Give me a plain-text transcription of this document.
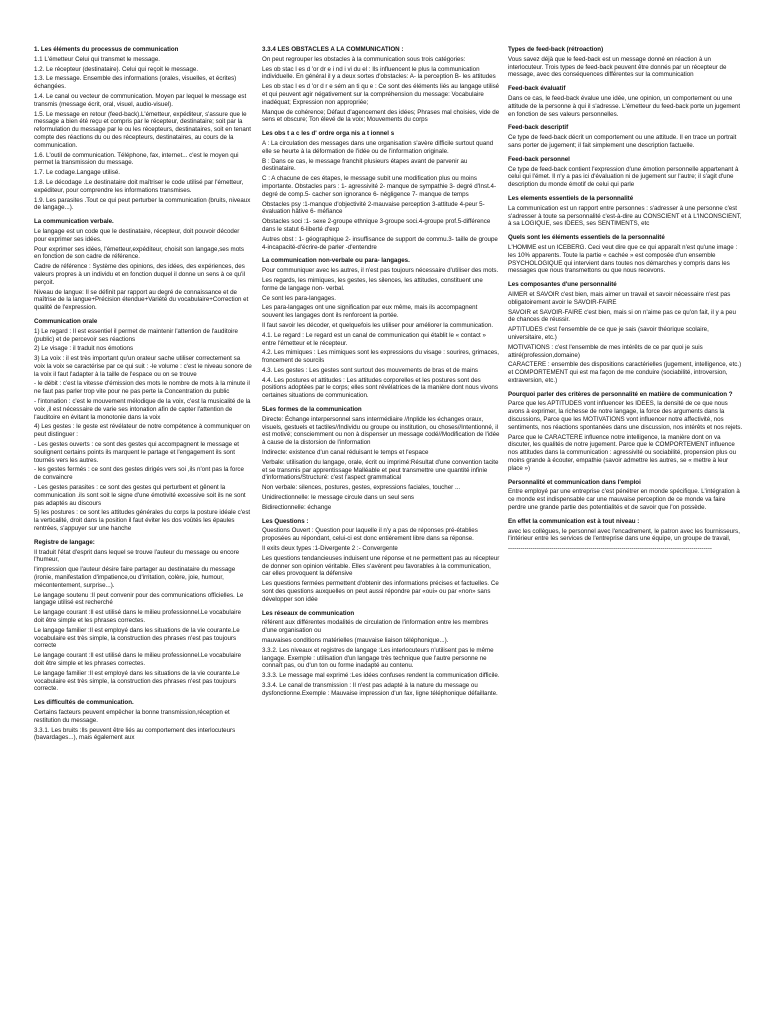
1. Les éléments du processus de communication

1.1 L'émetteur Celui qui transmet le message.

1.2. Le récepteur (destinataire). Celui qui reçoit le message.

1.3. Le message. Ensemble des informations (orales, visuelles, et écrites) échangées.

1.4. Le canal ou vecteur de communication. Moyen par lequel le message est transmis (message écrit, oral, visuel, audio-visuel).

1.5. Le message en retour (feed-back).L'émetteur, expéditeur, s'assure que le message a bien été reçu et compris par le récepteur, destinataire; soit par la reformulation du message par le ou les récepteurs, destinataires, soit en tenant compte des réactions du ou des récepteurs, destinataires, au cours de la communication.

1.6. L'outil de communication. Téléphone, fax, internet... c'est le moyen qui permet la transmission du message.

1.7. Le codage.Langage utilisé.

1.8. Le décodage .Le destinataire doit maîtriser le code utilisé par l'émetteur, expéditeur, pour comprendre les informations transmises.

1.9. Les parasites .Tout ce qui peut perturber la communication (bruits, niveaux de langage...).

La communication verbale.

Le langage est un code que le destinataire, récepteur, doit pouvoir décoder pour exprimer ses idées.

Pour exprimer ses idées, l'émetteur,expéditeur, choisit son langage,ses mots en fonction de son cadre de référence.

Cadre de référence : Système des opinions, des idées, des expériences, des valeurs propres à un individu et en fonction duquel il donne un sens à ce qu'il perçoit.

Niveau de langue: Il se définit par rapport au degré de connaissance et de maîtrise de la langue+Précision étendue+Variété du vocabulaire+Correction et qualité de l'expression.

Communication orale

1) Le regard : Il est essentiel il permet de maintenir l'attention de l'auditoire (public) et de percevoir ses réactions

2) Le visage : il traduit nos émotions

3) La voix : il est très important qu'un orateur sache utiliser correctement sa voix la voix se caractérise par ce qui suit : -le volume : c'est le niveau sonore de la voix il faut l'adapter à la taille de l'espace ou on se trouve

- le débit : c'est la vitesse d'émission des mots le nombre de mots à la minute il ne faut pas parler trop vite pour ne pas perte la Concentration du public

- l'intonation : c'est le mouvement mélodique de la voix, c'est la musicalité de la voix ,il est nécessaire de varie ses intonation afin de capter l'attention de l'auditoire en évitant la monotonie dans la voix

4) Les gestes : le geste est révélateur de notre compétence à communiquer on peut distinguer :

- Les gestes ouverts : ce sont des gestes qui accompagnent le message et soulignent certains points ils marquent le partage et l'engagement ils sont tournés vers les autres.

- les gestes fermés : ce sont des gestes dirigés vers soi ,ils n'ont pas la force de convaincre

- Les gestes parasites : ce sont des gestes qui perturbent et gênent la communication .ils sont soit le signe d'une émotivité excessive soit ils ne sont pas adaptés au discours

5) les postures : ce sont les attitudes générales du corps la posture idéale c'est la verticalité, droit dans la position il faut éviter les dos voûtés les épaules rentrées, s'appuyer sur une hanche

Registre de langage:

Il traduit l'état d'esprit dans lequel se trouve l'auteur du message ou encore l'humeur,

l'impression que l'auteur désire faire partager au destinataire du message (ironie, manifestation d'impatience,ou d'irritation, colère, joie, humour, mécontentement, surprise...).

Le langage soutenu :Il peut convenir pour des communications officielles. Le langage utilisé est recherché

Le langage courant :Il est utilisé dans le milieu professionnel.Le vocabulaire doit être simple et les phrases correctes.

Le langage familier :Il est employé dans les situations de la vie courante.Le vocabulaire est très simple, la construction des phrases n'est pas toujours correcte

Le langage courant :Il est utilisé dans le milieu professionnel.Le vocabulaire doit être simple et les phrases correctes.

Le langage familier :Il est employé dans les situations de la vie courante.Le vocabulaire est très simple, la construction des phrases n'est pas toujours correcte.

Les difficultés de communication.

Certains facteurs peuvent empêcher la bonne transmission,réception et restitution du message.

3.3.1. Les bruits :Ils peuvent être liés au comportement des interlocuteurs (bavardages...), mais également aux

3.3.4 LES OBSTACLES A LA COMMUNICATION :

On peut regrouper les obstacles à la communication sous trois catégories:

Les ob stac l es d 'or dr e i nd i vi du el : Ils influencent le plus la communication individuelle. En général il y a deux sortes d'obstacles: A- la perception B- les attitudes

Les ob stac l es d 'or d r e sém an ti qu e : Ce sont des éléments liés au langage utilisé et qui peuvent agir négativement sur la compréhension du message: Vocabulaire inadéquat; Expression non appropriée;

Manque de cohérence; Défaut d'agencement des idées; Phrases mal choisies, vide de sens et obscure; Ton élevé de la voix; Mouvements du corps

Les obs t a c les d' ordre orga nis a t ionnel s

A : La circulation des messages dans une organisation s'avère difficile surtout quand elle se heurte à la déformation de l'idée ou de l'information originale.

B : Dans ce cas, le message franchit plusieurs étapes avant de parvenir au destinataire.

C : A chacune de ces étapes, le message subit une modification plus ou moins importante. Obstacles pars : 1- agressivité 2- manque de sympathie 3- degré d'Inst.4- degré de comp.5- cacher son ignorance 6- négligence 7- manque de temps

Obstacles psy :1-manque d'objectivité 2-mauvaise perception 3-attitude 4-peur 5-évaluation hâtive 6- méfiance

Obstacles soci :1- sexe 2-groupe ethnique 3-groupe soci.4-groupe prof.5-différence dans le statut 6-liberté d'exp

Autres obst : 1- géographique 2- insuffisance de support de commu.3- taille de groupe 4-incapacité-d'écrire-de parler -d'entendre

La communication non-verbale ou para- langages.

Pour communiquer avec les autres, il n'est pas toujours nécessaire d'utiliser des mots.

Les regards, les mimiques, les gestes, les silences, les attitudes, constituent une forme de langage non- verbal.

Ce sont les para-langages.

Les para-langages ont une signification par eux même, mais ils accompagnent souvent les langages dont ils renforcent la portée.

Il faut savoir les décoder, et quelquefois les utiliser pour améliorer la communication.

4.1. Le regard : Le regard est un canal de communication qui établit le « contact » entre l'émetteur et le récepteur.

4.2. Les mimiques : Les mimiques sont les expressions du visage : sourires, grimaces, froncement de sourcils

4.3. Les gestes : Les gestes sont surtout des mouvements de bras et de mains

4.4. Les postures et attitudes : Les attitudes corporelles et les postures sont des positions adoptées par le corps; elles sont révélatrices de la manière dont nous vivons certaines situations de communication.

5Les formes de la communication

Directe: Échange interpersonnel sans intermédiaire //Inplide les échanges oraux, visuels, gestuels et tactiles//Individu ou groupe ou institution, ou choses//Intentionné, il est motivé; consciemment ou non à dispenser un message codé//Modification de l'idée à cause de la distorsion de l'information

Indirecte: existence d'un canal réduisant le temps et l'espace

Verbale: utilisation du langage, orale, écrit ou imprimé:Résultat d'une convention tacite et se transmis par apprentissage Malléable et peut transmettre une quantité infinie d'informations/Structuré: c'est l'aspect grammatical

Non verbale: silences, postures, gestes, expressions faciales, toucher ...

Unidirectionnelle: le message circule dans un seul sens

Bidirectionnelle: échange

Les Questions :

Questions Ouvert : Question pour laquelle il n'y a pas de réponses pré-établies proposées au répondant, celui-ci est donc entièrement libre dans sa réponse.

Il exits deux types :1-Divergente 2 :- Convergente

Les questions tendancieuses induisent une réponse et ne permettent pas au récepteur de donner son opinion véritable. Elles s'avèrent peu favorables à la communication, car elles provoquent la défensive

Les questions fermées permettent d'obtenir des informations précises et factuelles. Ce sont des questions auxquelles on peut aussi répondre par «oui» ou par «non» sans développer son idée

Les réseaux de communication

référent aux différentes modalités de circulation de l'information entre les membres d'une organisation ou

mauvaises conditions matérielles (mauvaise liaison téléphonique...).

3.3.2. Les niveaux et registres de langage :Les interlocuteurs n'utilisent pas le même langage. Exemple : utilisation d'un langage très technique que l'autre personne ne connaît pas, ou d'un ton ou forme inadapté au contenu.

3.3.3. Le message mal exprimé :Les idées confuses rendent la communication difficile.

3.3.4. Le canal de transmission : Il n'est pas adapté à la nature du message ou dysfonctionne.Exemple : Mauvaise impression d'un fax, ligne téléphonique défaillante.

Types de feed-back (rétroaction)

Vous savez déjà que le feed-back est un message donné en réaction à un interlocuteur. Trois types de feed-back peuvent être donnés par un récepteur de message, avec des conséquences différentes sur la communication

Feed-back évaluatif

Dans ce cas, le feed-back évalue une idée, une opinion, un comportement ou une attitude de la personne à qui il s'adresse. L'émetteur du feed-back porte un jugement en fonction de ses valeurs personnelles.

Feed-back descriptif

Ce type de feed-back décrit un comportement ou une attitude. Il en trace un portrait sans porter de jugement; il fait simplement une description factuelle.

Feed-back personnel

Ce type de feed-back contient l'expression d'une émotion personnelle appartenant à celui qui l'émet. Il n'y a pas ici d'évaluation ni de jugement sur l'autre; il s'agit d'une description du monde émotif de celui qui parle

Les elements essentiels de la personnalité

La communication est un rapport entre personnes : s'adresser à une personne c'est s'adresser à toute sa personnalité c'est-à-dire au CONSCIENT et à L'INCONSCIENT, à sa LOGIQUE, ses IDEES, ses SENTIMENTS, etc

Quels sont les éléments essentiels de la personnalité

L'HOMME est un ICEBERG. Ceci veut dire que ce qui apparaît n'est qu'une image : les 10% apparents. Toute la partie « cachée » est composée d'un ensemble PSYCHOLOGIQUE qui intervient dans toutes nos démarches y compris dans les messages que nous transmettons ou que nous recevons.

Les composantes d'une personnalité

AIMER et SAVOIR c'est bien, mais aimer un travail et savoir nécessaire n'est pas obligatoirement avoir le SAVOIR-FAIRE

SAVOIR et SAVOIR-FAIRE c'est bien, mais si on n'aime pas ce qu'on fait, il y a peu de chances de réussir.

APTITUDES c'est l'ensemble de ce que je sais (savoir théorique scolaire, universitaire, etc.)

MOTIVATIONS : c'est l'ensemble de mes intérêts de ce par quoi je suis attiré(profession,domaine)

CARACTERE : ensemble des dispositions caractérielles (jugement, intelligence, etc.) et COMPORTEMENT qui est ma façon de me conduire (sociabilité, introversion, extraversion, etc.)

Pourquoi parler des critères de personnalité en matière de communication ?

Parce que les APTITUDES vont influencer les IDEES, la densité de ce que nous avons à exprimer, la richesse de notre langage, la force des arguments dans la discussions, Parce que les MOTIVATIONS vont influencer notre affectivité, nos sentiments, nos réactions spontanées dans une discussion, nos intérêts et nos rejets.

Parce que le CARACTERE influence notre intelligence, la manière dont on va discuter, les qualités de notre jugement. Parce que le COMPORTEMENT influence nos attitudes dans la communication : agressivité ou sociabilité, propension plus ou moins grande à écouter, empathie (savoir admettre les autres, se « mettre à leur place »)

Personnalité et communication dans l'emploi

Entre employé par une entreprise c'est pénétrer en monde spécifique. L'intégration à ce monde est indispensable car une mauvaise perception de ce monde va faire perdre une grande partie des potentialités et de savoir que l'on possède.

En effet la communication est à tout niveau :

avec les collègues, le personnel avec l'encadrement, le patron avec les fournisseurs, l'intérieur entre les services de l'entreprise dans une équipe, un groupe de travail,

---------------------------------------------------------------------------------------------------
